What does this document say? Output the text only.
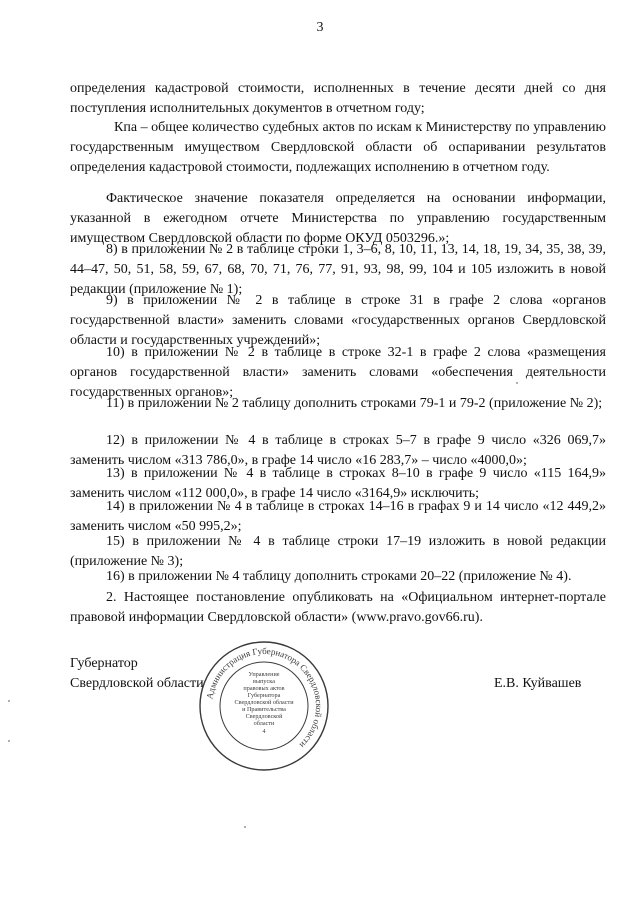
3

определения кадастровой стоимости, исполненных в течение десяти дней со дня поступления исполнительных документов в отчетном году;

Кпа – общее количество судебных актов по искам к Министерству по управлению государственным имуществом Свердловской области об оспаривании результатов определения кадастровой стоимости, подлежащих исполнению в отчетном году.

Фактическое значение показателя определяется на основании информации, указанной в ежегодном отчете Министерства по управлению государственным имуществом Свердловской области по форме ОКУД 0503296.»;

8) в приложении № 2 в таблице строки 1, 3–6, 8, 10, 11, 13, 14, 18, 19, 34, 35, 38, 39, 44–47, 50, 51, 58, 59, 67, 68, 70, 71, 76, 77, 91, 93, 98, 99, 104 и 105 изложить в новой редакции (приложение № 1);

9) в приложении № 2 в таблице в строке 31 в графе 2 слова «органов государственной власти» заменить словами «государственных органов Свердловской области и государственных учреждений»;

10) в приложении № 2 в таблице в строке 32-1 в графе 2 слова «размещения органов государственной власти» заменить словами «обеспечения деятельности государственных органов»;

11) в приложении № 2 таблицу дополнить строками 79-1 и 79-2 (приложение № 2);

12) в приложении № 4 в таблице в строках 5–7 в графе 9 число «326 069,7» заменить числом «313 786,0», в графе 14 число «16 283,7» – число «4000,0»;

13) в приложении № 4 в таблице в строках 8–10 в графе 9 число «115 164,9» заменить числом «112 000,0», в графе 14 число «3164,9» исключить;

14) в приложении № 4 в таблице в строках 14–16 в графах 9 и 14 число «12 449,2» заменить числом «50 995,2»;

15) в приложении № 4 в таблице строки 17–19 изложить в новой редакции (приложение № 3);

16) в приложении № 4 таблицу дополнить строками 20–22 (приложение № 4).

2. Настоящее постановление опубликовать на «Официальном интернет-портале правовой информации Свердловской области» (www.pravo.gov66.ru).

Губернатор
Свердловской области	Е.В. Куйвашев
Администрация Губернатора Свердловской области
Управление
выпуска
правовых актов
Губернатора
Свердловской области
и Правительства
Свердловской
области
4
